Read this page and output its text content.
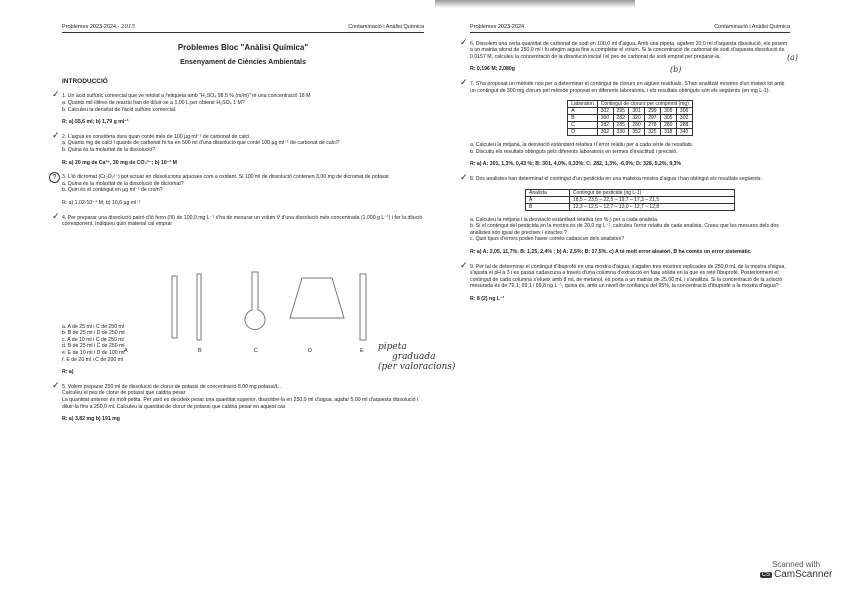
Problemes 2023-2024 - 2015	Contaminació i Anàlisi Química
Problemes Bloc "Anàlisi Química"
Ensenyament de Ciències Ambientals
INTRODUCCIÓ
✓ 1. Un àcid sulfúric comercial que ve retolat a l'etiqueta amb "H₂SO₄ 98,5 % (m/m)" té una concentració 18 M
a. Quants mil·lilitres de reactiu han de diluir-se a 1,00 L per obtenir H₂SO₄ 1 M?
b. Calculeu la densitat de l'àcid sulfúric comercial.
R: a) 55,6 ml; b) 1,79 g ml⁻¹
✓ 2. L'aigua es considera dura quan conté més de 100 µg ml⁻¹ de carbonat de calci.
a. Quants mg de calci i quants de carbonat hi ha en 500 ml d'una dissolució que conté 100 µg ml⁻¹ de carbonat de calci?
b. Quina és la molaritat de la dissolució?
R: a) 20 mg de Ca²⁺, 30 mg de CO₃²⁻; b) 10⁻³ M
?	3. L'ió dicromat (Cr₂O₇²⁻) pot actuar en dissolucions aquoses com a oxidant. Si 100 ml de dissolució contenen 3,00 mg de dicromat de potassi:
a. Quina és la molaritat de la dissolució de dicromat?
b. Quin és el contingut en µg ml⁻¹ de crom?
R: a) 1,02·10⁻⁴ M; b) 10,6 µg ml⁻¹
✓ 4. Per preparar una dissolució patró d'ió ferro (III) de 100,0 mg L⁻¹ s'ha de mesurar un volum V d'una dissolució més concentrada (1,000 g L⁻¹) i fer la dilució corresponent. Indiqueu quin material cal emprar
a. A de 25 ml i C de 250 ml
b. B de 25 ml i D de 250 ml
c. A de 10 ml i C de 250 ml
d. B de 25 ml i C de 250 ml
e. E de 10 ml i D de 100 ml
f. E de 20 ml i C de 200 ml
R: a)
✓ 5. Volem preparar 250 ml de dissolució de clorur de potassi de concentració 8,00 mg potassi/L .
Calculeu el pes de clorur de potassi que caldria pesar
La quantitat anterior és molt petita. Per això es decideix pesar una quantitat superior, dissoldre-la en 250,0 ml d'aigua, agafar 5,00 ml d'aquesta dissolució i diluir-la fins a 250,0 ml. Calculeu la quantitat de clorur de potassi que caldria pesar en aquest cas
R: a) 3,82 mg b) 191 mg
A	B	C	D	E pipeta
graduada
(per valoracions)
Problemes 2023-2024	Contaminació i Anàlisi Química
✓ 6. Dissolem una certa quantitat de carbonat de sodi en 100,0 ml d'aigua. Amb una pipeta, agafem 20,0 ml d'aquesta dissolució, els posem a un matràs aforat de 250,0 ml i hi afegim aigua fins a completar el volum. Si la concentració de carbonat de sodi d'aquesta dissolució és 0,0157 M, calculeu la concentració de la dissolució inicial i el pes de carbonat de sodi emprat per preparar-la.	(a)
(b)
R: 0,196 M; 2,080g
✓ 7. S'ha proposat un mètode nou per a determinar el contingut de clorurs en aigües residuals. S'han analitzat mostres d'un mateix lot amb un contingut de 300 mg clorurs pel mètode proposat en diferents laboratoris, i els resultats obtinguts són els següents (en mg L-1):
Laboratori	Contingut de clorurs per comprimit (mg)					
A	302	295	301	299	305	306
B	300	282	320	297	305	302
C	282	285	280	278	280	288
D	302	330	352	325	318	340
a. Calculeu la mitjana, la desviació estàndard relativa i l'error relatiu per a cada sèrie de resultats.
b. Discutiu els resultats obtinguts pels diferents laboratoris en termes d'exactitud i precisió.
R: a) A: 301, 1,3%, 0,43 %; B: 301, 4,0%, 0,33%; C: 282, 1,3%, -6,0%; D: 328, 5,2%, 9,3%
✓ 8. Dos analistes han determinat el contingut d'un pesticida en una mateixa mostra d'aigua i han obtingut els resultats següents:
Analista	Contingut de pesticida (ng L-1)
A	18,5 – 23,5 – 22,5 – 19,7 – 17,3 – 21,5
B	12,3 – 12,5 – 12,7 – 12,0 – 12,7 – 12,8
a. Calculeu la mitjana i la desviació estàndard relativa (en %,) per a cada analista.
b. Si el contingut del pesticida en la mostra és de 20,0 ng L⁻¹, calculeu l'error relatiu de cada analista. Creeu que les mesures dels dos analistes són igual de precises i exactes ?
c. Quin tipus d'errors poden haver comès cadascun dels analistes?
R: a) A: 2,05, 11,7%; B: 1,25, 2,4% ; b) A: 2,5%; B: 37,5%. c) A té molt error aleatori, B ha comès un error sistemàtic
✓ 9. Per tal de determinar el contingut d'ibuprofè en una mostra d'aigua, s'agafen tres mostres replicades de 250,0 mL de la mostra d'aigua, s'ajusta el pH a 3 i es passa cadascuna a través d'una columna d'extracció en fase sòlida en la que es reté l'ibuprofè. Posteriorment el contingut de cada columna s'elueix amb 8 mL de metanol, es porta a un matràs de 25,00 mL i s'analitza. Si la concentració de la solució mesurada és de 79,1; 69,1 i 69,8 ng L⁻¹, quina és, amb un nivell de confiança del 95%, la concentració d'ibuprofè a la mostra d'aigua?
R: 8 (2) ng L⁻¹
Scanned with
CS CamScanner
